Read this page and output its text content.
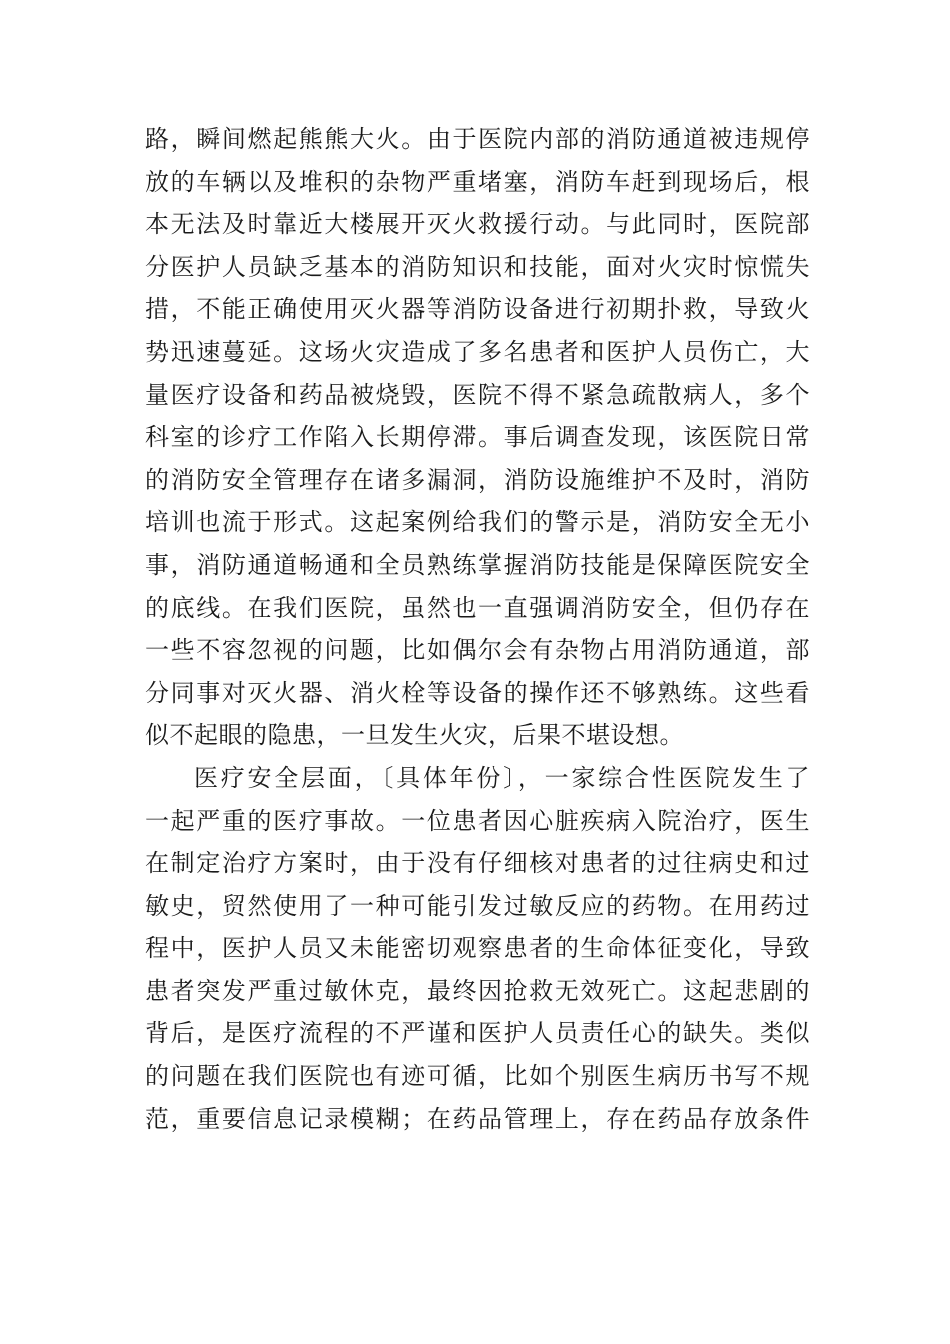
路，瞬间燃起熊熊大火。由于医院内部的消防通道被违规停
放的车辆以及堆积的杂物严重堵塞，消防车赶到现场后，根
本无法及时靠近大楼展开灭火救援行动。与此同时，医院部
分医护人员缺乏基本的消防知识和技能，面对火灾时惊慌失
措，不能正确使用灭火器等消防设备进行初期扑救，导致火
势迅速蔓延。这场火灾造成了多名患者和医护人员伤亡，大
量医疗设备和药品被烧毁，医院不得不紧急疏散病人，多个
科室的诊疗工作陷入长期停滞。事后调查发现，该医院日常
的消防安全管理存在诸多漏洞，消防设施维护不及时，消防
培训也流于形式。这起案例给我们的警示是，消防安全无小
事，消防通道畅通和全员熟练掌握消防技能是保障医院安全
的底线。在我们医院，虽然也一直强调消防安全，但仍存在
一些不容忽视的问题，比如偶尔会有杂物占用消防通道，部
分同事对灭火器、消火栓等设备的操作还不够熟练。这些看
似不起眼的隐患，一旦发生火灾，后果不堪设想。
医疗安全层面，〔具体年份〕，一家综合性医院发生了
一起严重的医疗事故。一位患者因心脏疾病入院治疗，医生
在制定治疗方案时，由于没有仔细核对患者的过往病史和过
敏史，贸然使用了一种可能引发过敏反应的药物。在用药过
程中，医护人员又未能密切观察患者的生命体征变化，导致
患者突发严重过敏休克，最终因抢救无效死亡。这起悲剧的
背后，是医疗流程的不严谨和医护人员责任心的缺失。类似
的问题在我们医院也有迹可循，比如个别医生病历书写不规
范，重要信息记录模糊；在药品管理上，存在药品存放条件
